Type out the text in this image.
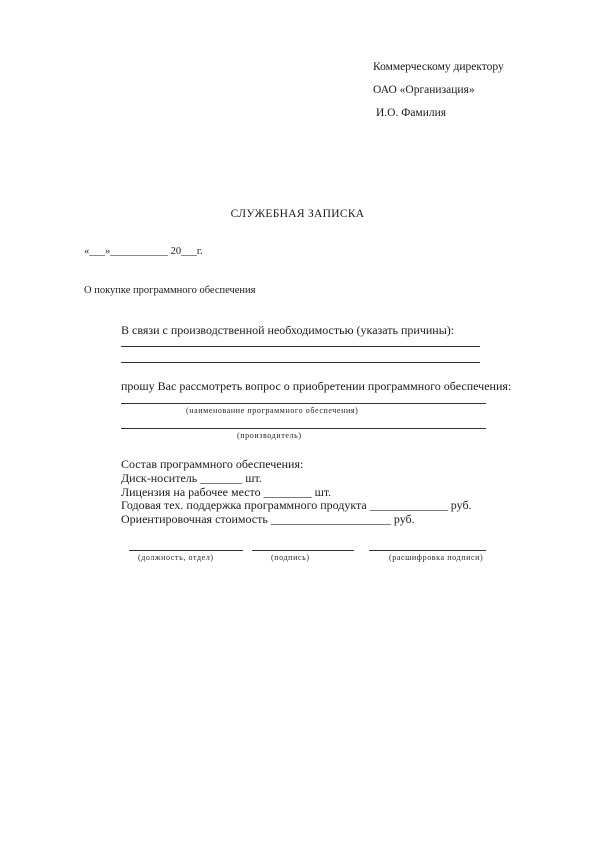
Коммерческому директору
ОАО «Организация»
И.О. Фамилия
СЛУЖЕБНАЯ ЗАПИСКА
«___»___________ 20___г.
О покупке программного обеспечения
В связи с производственной необходимостью (указать причины):
прошу Вас рассмотреть вопрос о приобретении программного обеспечения:
(наименование программного обеспечения)
(производитель)
Состав программного обеспечения:
Диск-носитель _______ шт.
Лицензия на рабочее место ________ шт.
Годовая тех. поддержка программного продукта _____________ руб.
Ориентировочная стоимость ____________________ руб.
(должность, отдел)	(подпись)	(расшифровка подписи)
